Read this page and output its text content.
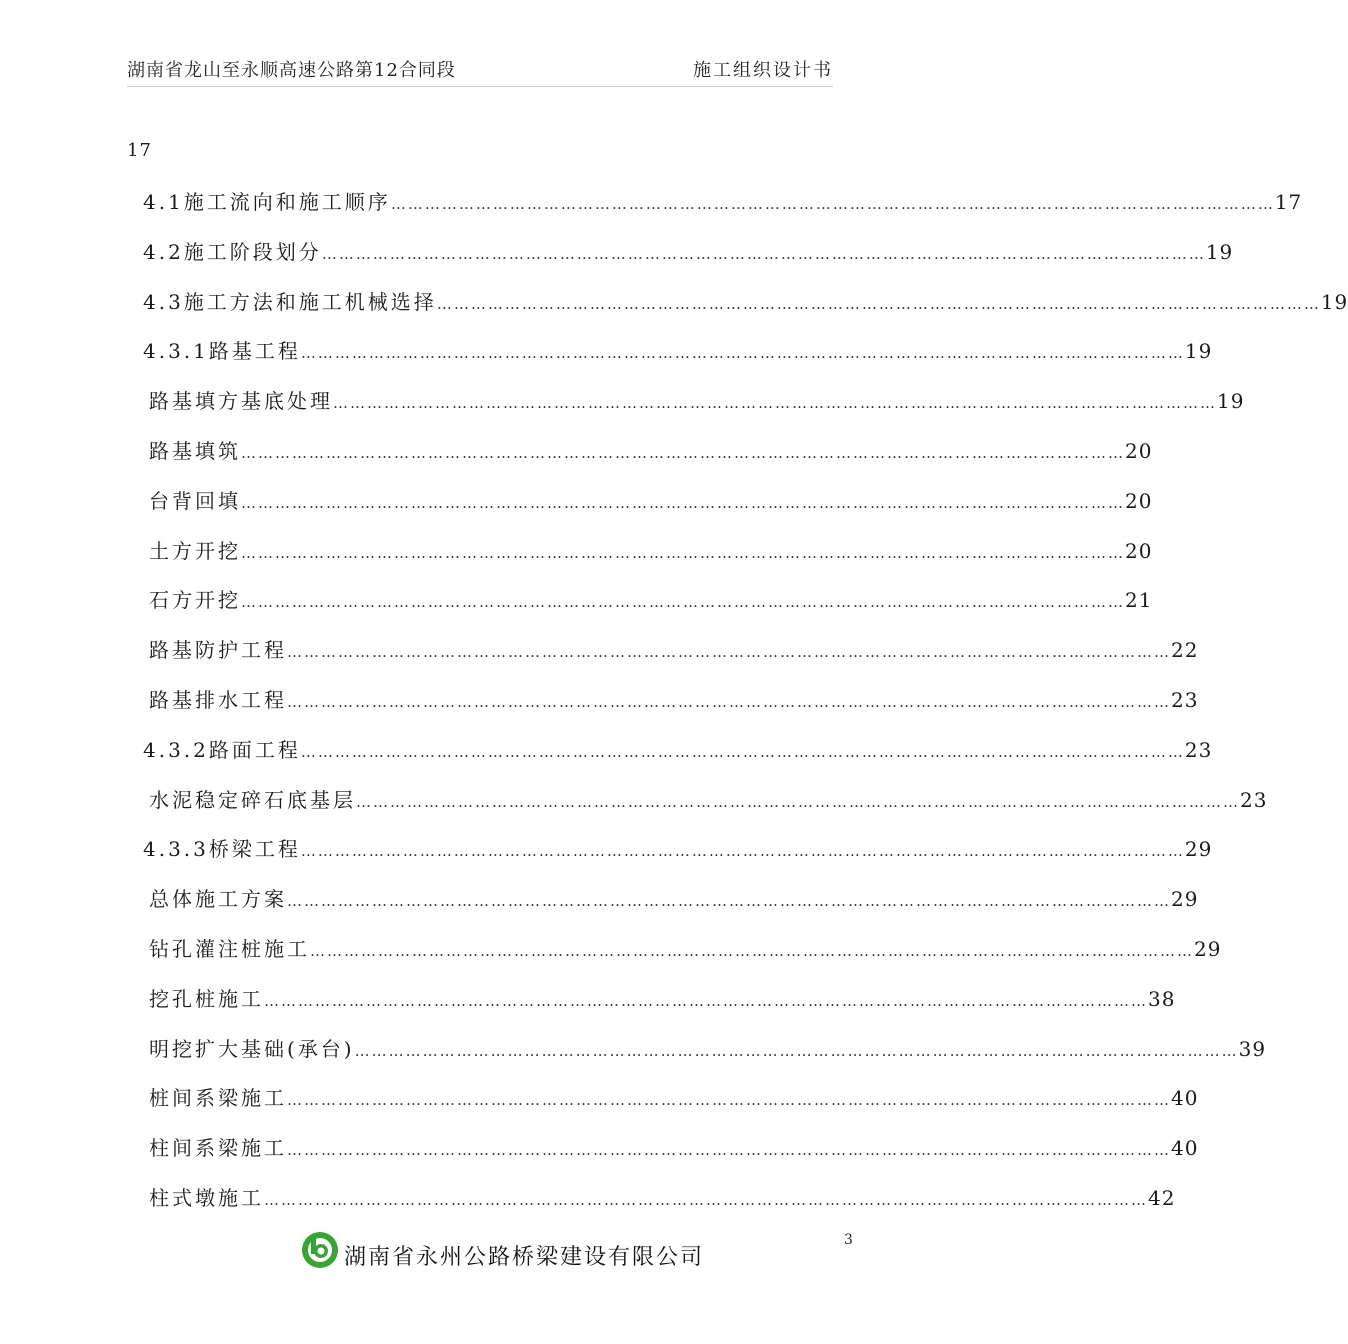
湖南省龙山至永顺高速公路第12合同段	施工组织设计书
17
4.1施工流向和施工顺序 ………………………………………………………………………………………………………………………………………… 17
4.2施工阶段划分 ………………………………………………………………………………………………………………………………………… 19
4.3施工方法和施工机械选择 ………………………………………………………………………………………………………………………………………… 19
4.3.1路基工程 ………………………………………………………………………………………………………………………………………… 19
路基填方基底处理 ………………………………………………………………………………………………………………………………………… 19
路基填筑 ………………………………………………………………………………………………………………………………………… 20
台背回填 ………………………………………………………………………………………………………………………………………… 20
土方开挖 ………………………………………………………………………………………………………………………………………… 20
石方开挖 ………………………………………………………………………………………………………………………………………… 21
路基防护工程 ………………………………………………………………………………………………………………………………………… 22
路基排水工程 ………………………………………………………………………………………………………………………………………… 23
4.3.2路面工程 ………………………………………………………………………………………………………………………………………… 23
水泥稳定碎石底基层 ………………………………………………………………………………………………………………………………………… 23
4.3.3桥梁工程 ………………………………………………………………………………………………………………………………………… 29
总体施工方案 ………………………………………………………………………………………………………………………………………… 29
钻孔灌注桩施工 ………………………………………………………………………………………………………………………………………… 29
挖孔桩施工 ………………………………………………………………………………………………………………………………………… 38
明挖扩大基础(承台) ………………………………………………………………………………………………………………………………………… 39
桩间系梁施工 ………………………………………………………………………………………………………………………………………… 40
柱间系梁施工 ………………………………………………………………………………………………………………………………………… 40
柱式墩施工 ………………………………………………………………………………………………………………………………………… 42
湖南省永州公路桥梁建设有限公司
3
